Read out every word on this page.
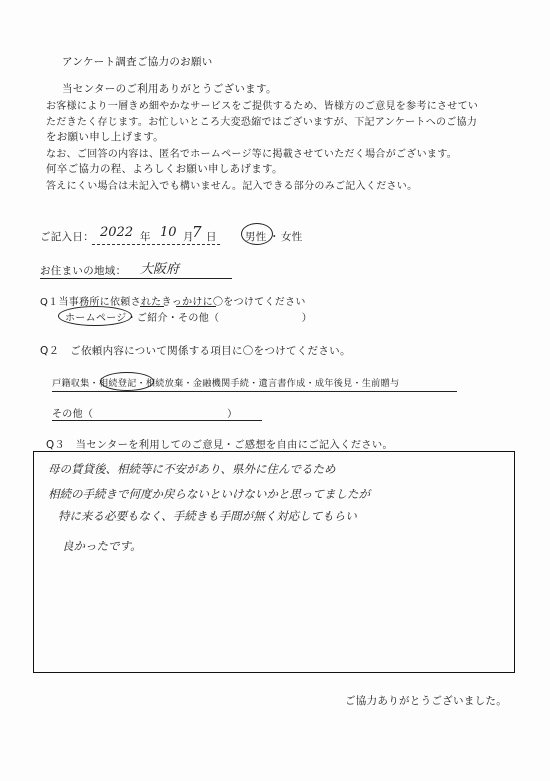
アンケート調査ご協力のお願い
当センターのご利用ありがとうございます。
お客様により一層きめ細やかなサービスをご提供するため、皆様方のご意見を参考にさせてい
ただきたく存じます。お忙しいところ大変恐縮ではございますが、下記アンケートへのご協力
をお願い申し上げます。
なお、ご回答の内容は、匿名でホームページ等に掲載させていただく場合がございます。
何卒ご協力の程、よろしくお願い申しあげます。
答えにくい場合は未記入でも構いません。記入できる部分のみご記入ください。
ご記入日： 2022 年 10 月
7 日	男性 ・ 女性
お住まいの地域： 大阪府
Q１当事務所に依頼されたきっかけに〇をつけてください
ホームページ・ご紹介・その他（　　　　　　　　）
Q２　ご依頼内容について関係する項目に〇をつけてください。
戸籍収集・相続登記・相続放棄・金融機関手続・遺言書作成・成年後見・生前贈与
その他（　　　　　　　　　　　　　）
Q３　当センターを利用してのご意見・ご感想を自由にご記入ください。
母の賃貸後、相続等に不安があり、県外に住んでるため
相続の手続きで何度か戻らないといけないかと思ってましたが
特に来る必要もなく、手続きも手間が無く対応してもらい
良かったです。
ご協力ありがとうございました。
